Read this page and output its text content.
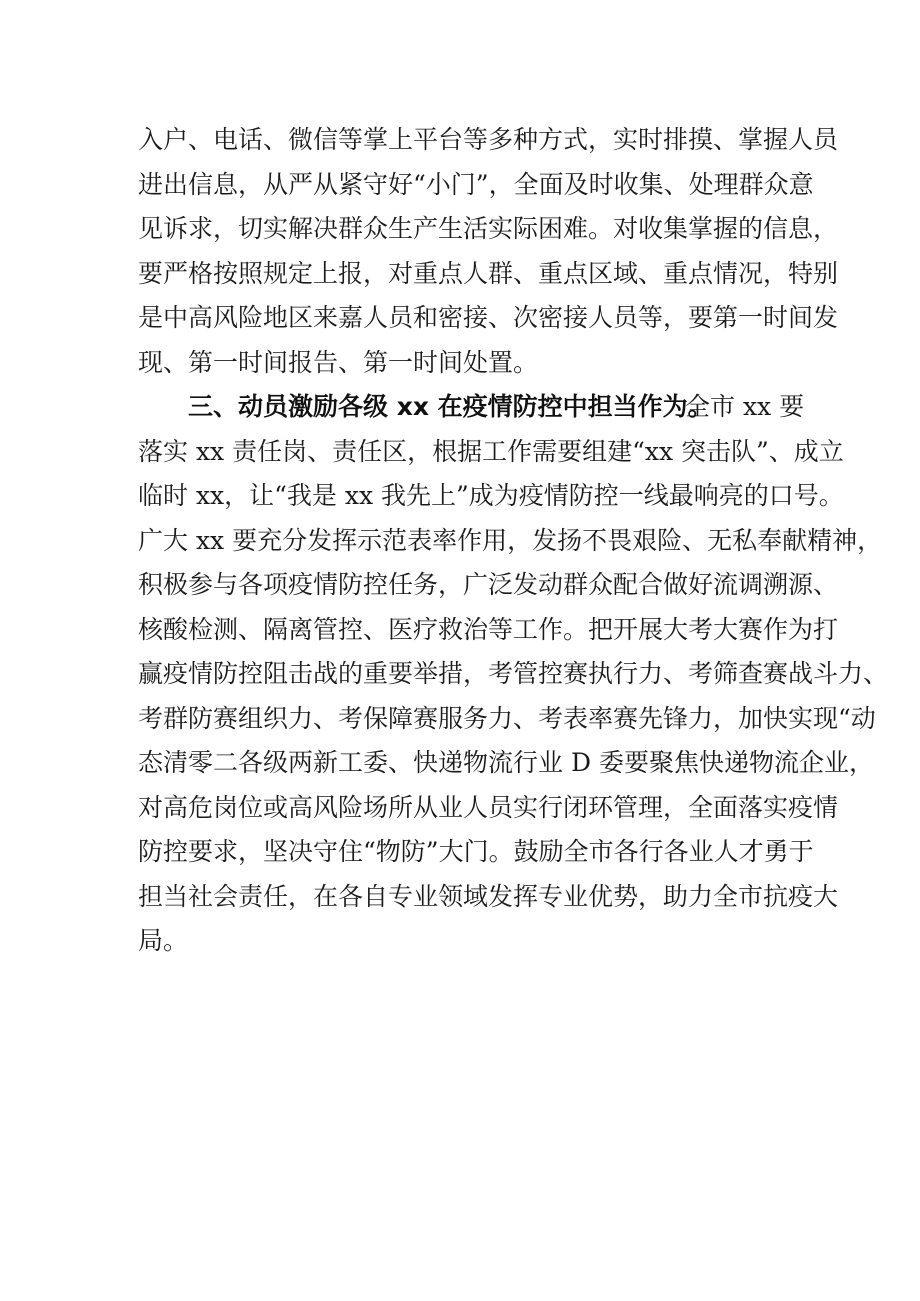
入户、电话、微信等掌上平台等多种方式，实时排摸、掌握人员
进出信息，从严从紧守好“小门”，全面及时收集、处理群众意
见诉求，切实解决群众生产生活实际困难。对收集掌握的信息，
要严格按照规定上报，对重点人群、重点区域、重点情况，特别
是中高风险地区来嘉人员和密接、次密接人员等，要第一时间发
现、第一时间报告、第一时间处置。
三、动员激励各级 xx 在疫情防控中担当作为。
全市 xx 要
落实 xx 责任岗、责任区，根据工作需要组建“xx 突击队”、成立
临时 xx，让“我是 xx 我先上”成为疫情防控一线最响亮的口号。
广大 xx 要充分发挥示范表率作用，发扬不畏艰险、无私奉献精神，
积极参与各项疫情防控任务，广泛发动群众配合做好流调溯源、
核酸检测、隔离管控、医疗救治等工作。把开展大考大赛作为打
赢疫情防控阻击战的重要举措，考管控赛执行力、考筛查赛战斗力、
考群防赛组织力、考保障赛服务力、考表率赛先锋力，加快实现“动
态清零二各级两新工委、快递物流行业 D 委要聚焦快递物流企业，
对高危岗位或高风险场所从业人员实行闭环管理，全面落实疫情
防控要求，坚决守住“物防”大门。鼓励全市各行各业人才勇于
担当社会责任，在各自专业领域发挥专业优势，助力全市抗疫大
局。
